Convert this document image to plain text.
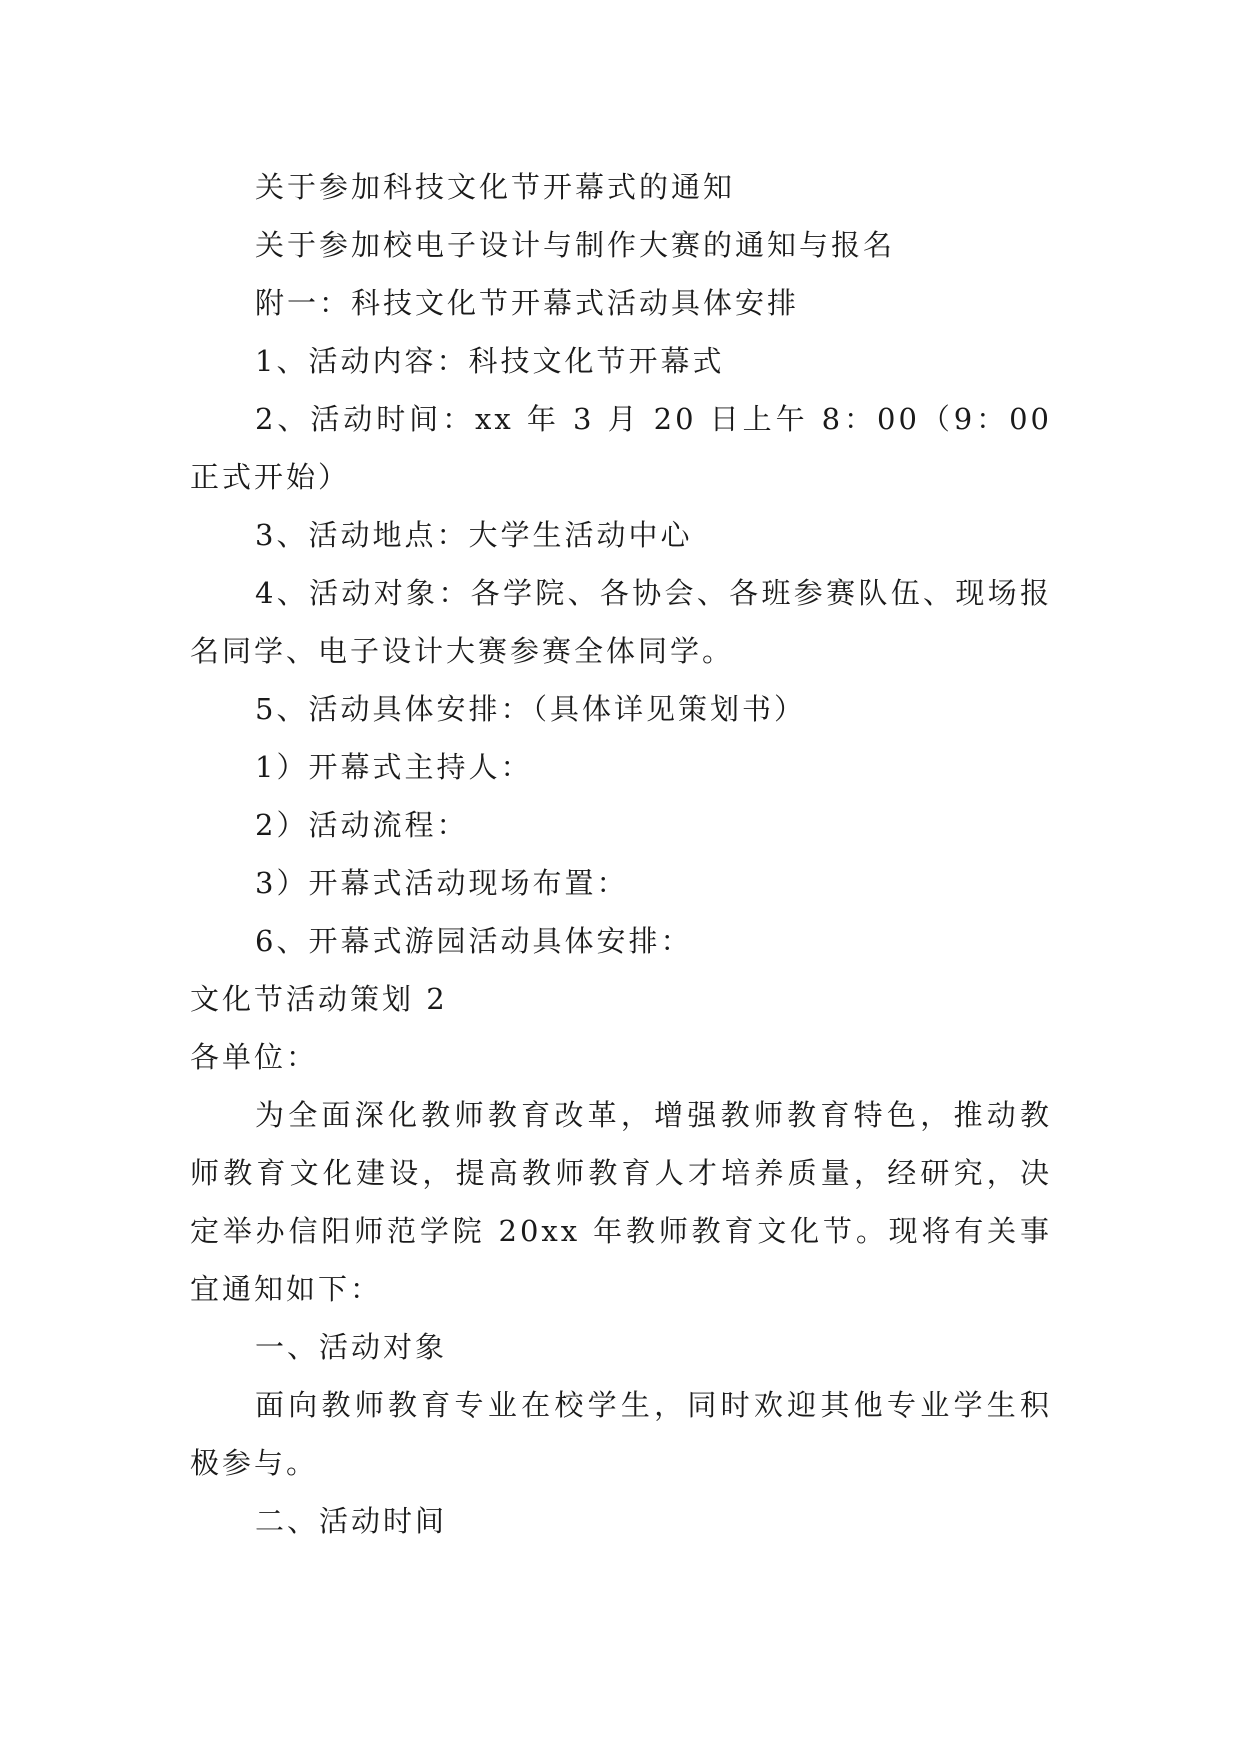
关于参加科技文化节开幕式的通知

关于参加校电子设计与制作大赛的通知与报名

附一：科技文化节开幕式活动具体安排

1、活动内容：科技文化节开幕式

2、活动时间：xx 年 3 月 20 日上午 8：00（9：00 正式开始）

3、活动地点：大学生活动中心

4、活动对象：各学院、各协会、各班参赛队伍、现场报名同学、电子设计大赛参赛全体同学。

5、活动具体安排：（具体详见策划书）

1）开幕式主持人：

2）活动流程：

3）开幕式活动现场布置：

6、开幕式游园活动具体安排：

文化节活动策划 2

各单位：

为全面深化教师教育改革，增强教师教育特色，推动教师教育文化建设，提高教师教育人才培养质量，经研究，决定举办信阳师范学院 20xx 年教师教育文化节。现将有关事宜通知如下：

一、活动对象

面向教师教育专业在校学生，同时欢迎其他专业学生积极参与。

二、活动时间
